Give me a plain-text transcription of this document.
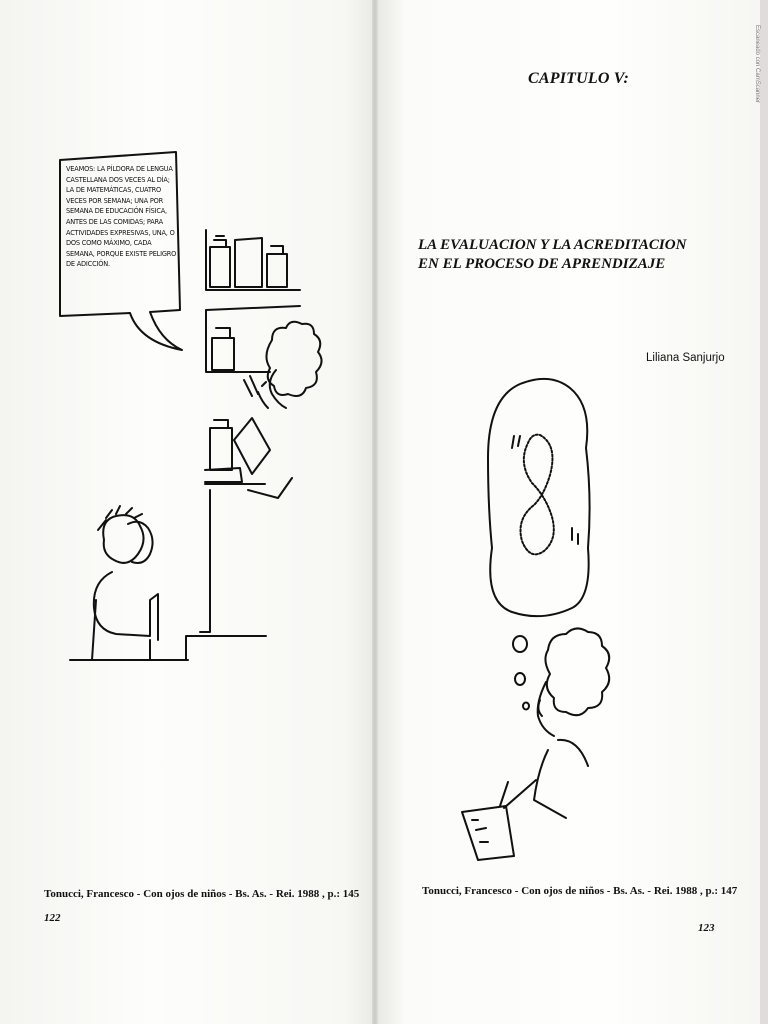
VEAMOS: LA PÍLDORA DE LENGUA CASTELLANA DOS VECES AL DÍA; LA DE MATEMÁTICAS, CUATRO VECES POR SEMANA; UNA POR SEMANA DE EDUCACIÓN FÍSICA, ANTES DE LAS COMIDAS; PARA ACTIVIDADES EXPRESIVAS, UNA, O DOS COMO MÁXIMO, CADA SEMANA, PORQUE EXISTE PELIGRO DE ADICCIÓN.
CAPITULO V:
LA EVALUACION Y LA ACREDITACION
EN EL PROCESO DE APRENDIZAJE
Liliana Sanjurjo
Tonucci, Francesco - Con ojos de niños - Bs. As. - Rei. 1988 , p.: 145
122
Tonucci, Francesco - Con ojos de niños - Bs. As. - Rei. 1988 , p.: 147
123
Escaneado con CamScanner
